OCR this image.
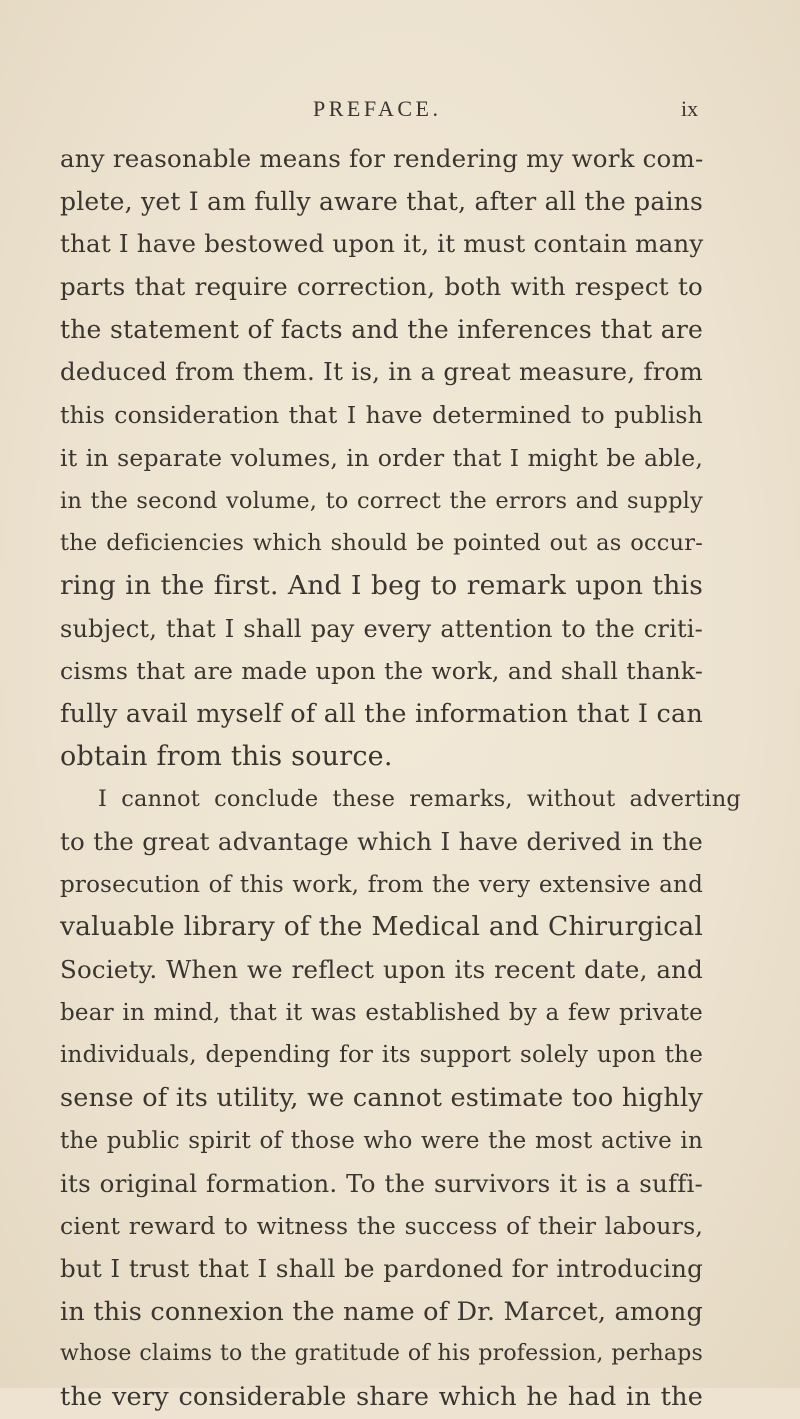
PREFACE.	ix
any reasonable means for rendering my work com-
plete, yet I am fully aware that, after all the pains
that I have bestowed upon it, it must contain many
parts that require correction, both with respect to
the statement of facts and the inferences that are
deduced from them. It is, in a great measure, from
this consideration that I have determined to publish
it in separate volumes, in order that I might be able,
in the second volume, to correct the errors and supply
the deficiencies which should be pointed out as occur-
ring in the first. And I beg to remark upon this
subject, that I shall pay every attention to the criti-
cisms that are made upon the work, and shall thank-
fully avail myself of all the information that I can
obtain from this source.
I cannot conclude these remarks, without adverting
to the great advantage which I have derived in the
prosecution of this work, from the very extensive and
valuable library of the Medical and Chirurgical
Society. When we reflect upon its recent date, and
bear in mind, that it was established by a few private
individuals, depending for its support solely upon the
sense of its utility, we cannot estimate too highly
the public spirit of those who were the most active in
its original formation. To the survivors it is a suffi-
cient reward to witness the success of their labours,
but I trust that I shall be pardoned for introducing
in this connexion the name of Dr. Marcet, among
whose claims to the gratitude of his profession, perhaps
the very considerable share which he had in the
